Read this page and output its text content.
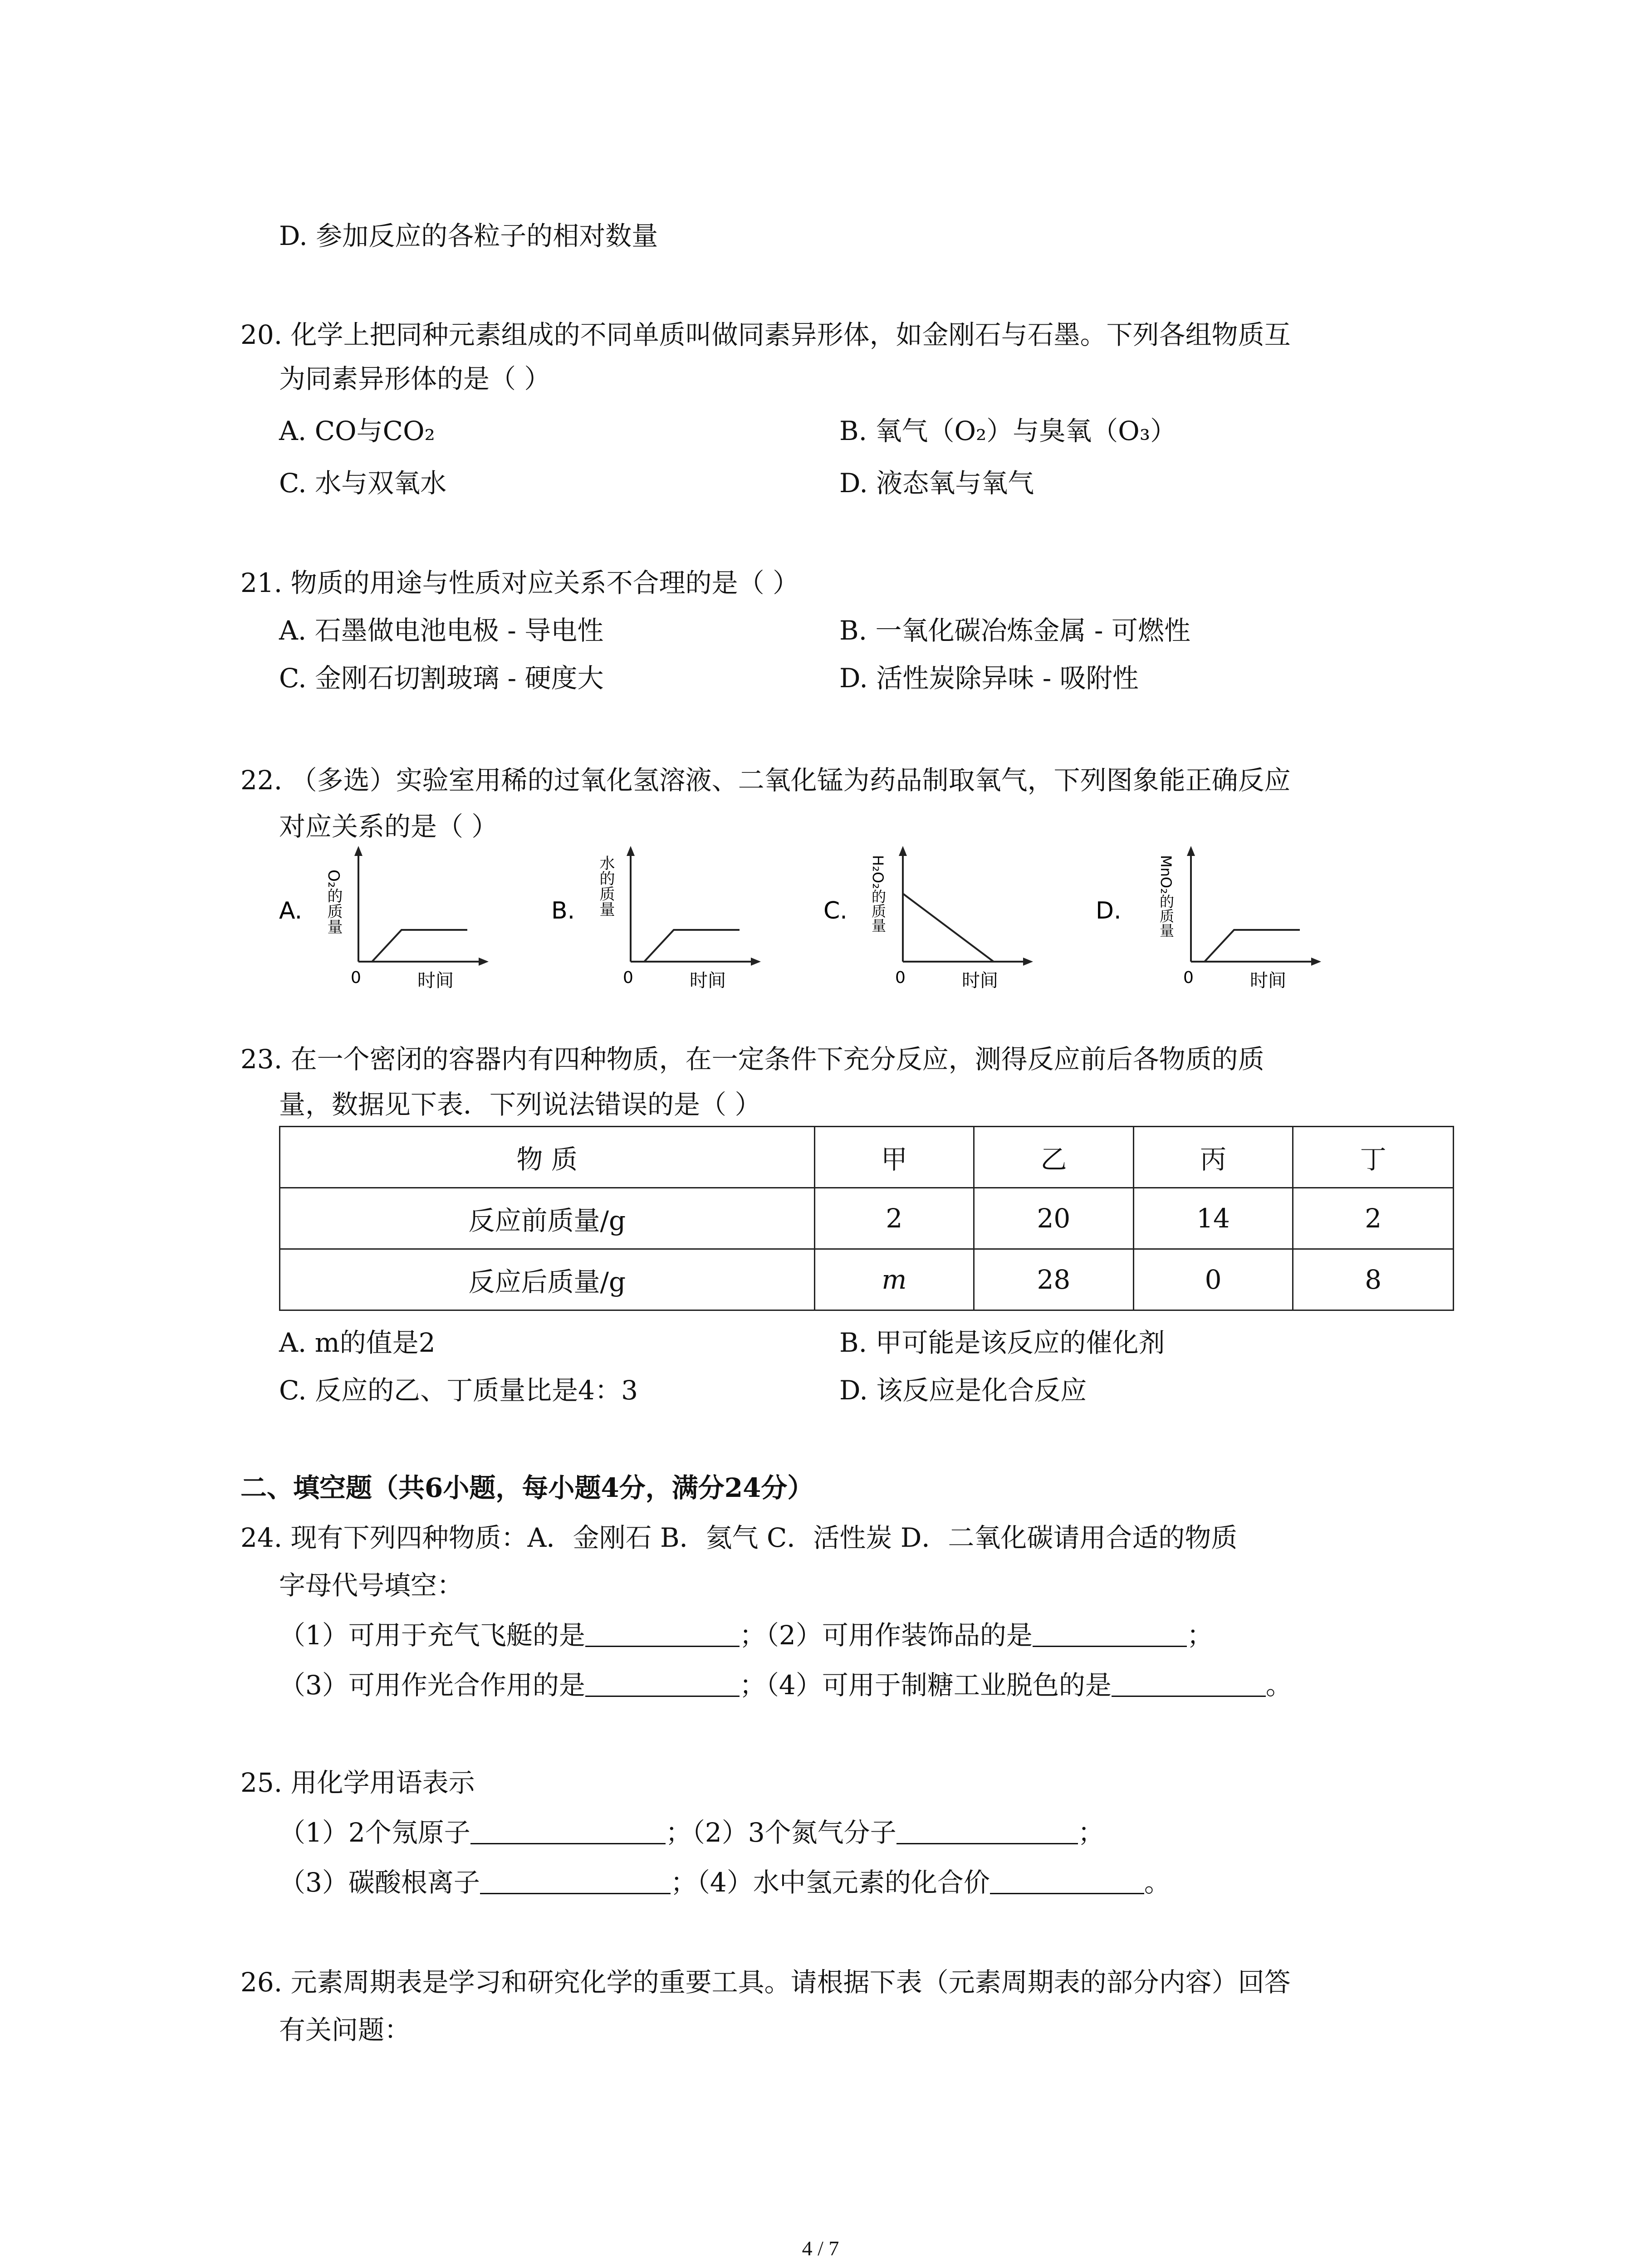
D. 参加反应的各粒子的相对数量
20. 化学上把同种元素组成的不同单质叫做同素异形体，如金刚石与石墨。下列各组物质互
为同素异形体的是（ ）
A. CO与CO₂	B. 氧气（O₂）与臭氧（O₃）
C. 水与双氧水	D. 液态氧与氧气
21. 物质的用途与性质对应关系不合理的是（ ）
A. 石墨做电池电极 - 导电性	B. 一氧化碳冶炼金属 - 可燃性
C. 金刚石切割玻璃 - 硬度大	D. 活性炭除异味 - 吸附性
22. （多选）实验室用稀的过氧化氢溶液、二氧化锰为药品制取氧气，下列图象能正确反应
对应关系的是（ ）
A. O₂的质量
0	时间
B. 水的质量
0	时间
C. H₂O₂的质量
0	时间
D. MnO₂的质量
0	时间
23. 在一个密闭的容器内有四种物质，在一定条件下充分反应，测得反应前后各物质的质
量，数据见下表．下列说法错误的是（ ）
物 质	甲	乙	丙	丁
反应前质量/g	2	20	14	2
反应后质量/g	m	28	0	8
A. m的值是2	B. 甲可能是该反应的催化剂
C. 反应的乙、丁质量比是4：3	D. 该反应是化合反应
二、填空题（共6小题，每小题4分，满分24分）
24. 现有下列四种物质：A．金刚石 B．氦气 C．活性炭 D．二氧化碳请用合适的物质
字母代号填空：
（1）可用于充气飞艇的是	；（2）可用作装饰品的是	；
（3）可用作光合作用的是	；（4）可用于制糖工业脱色的是	。
25. 用化学用语表示
（1）2个氖原子	；（2）3个氮气分子	；
（3）碳酸根离子	；（4）水中氢元素的化合价	。
26. 元素周期表是学习和研究化学的重要工具。请根据下表（元素周期表的部分内容）回答
有关问题：
4 / 7
